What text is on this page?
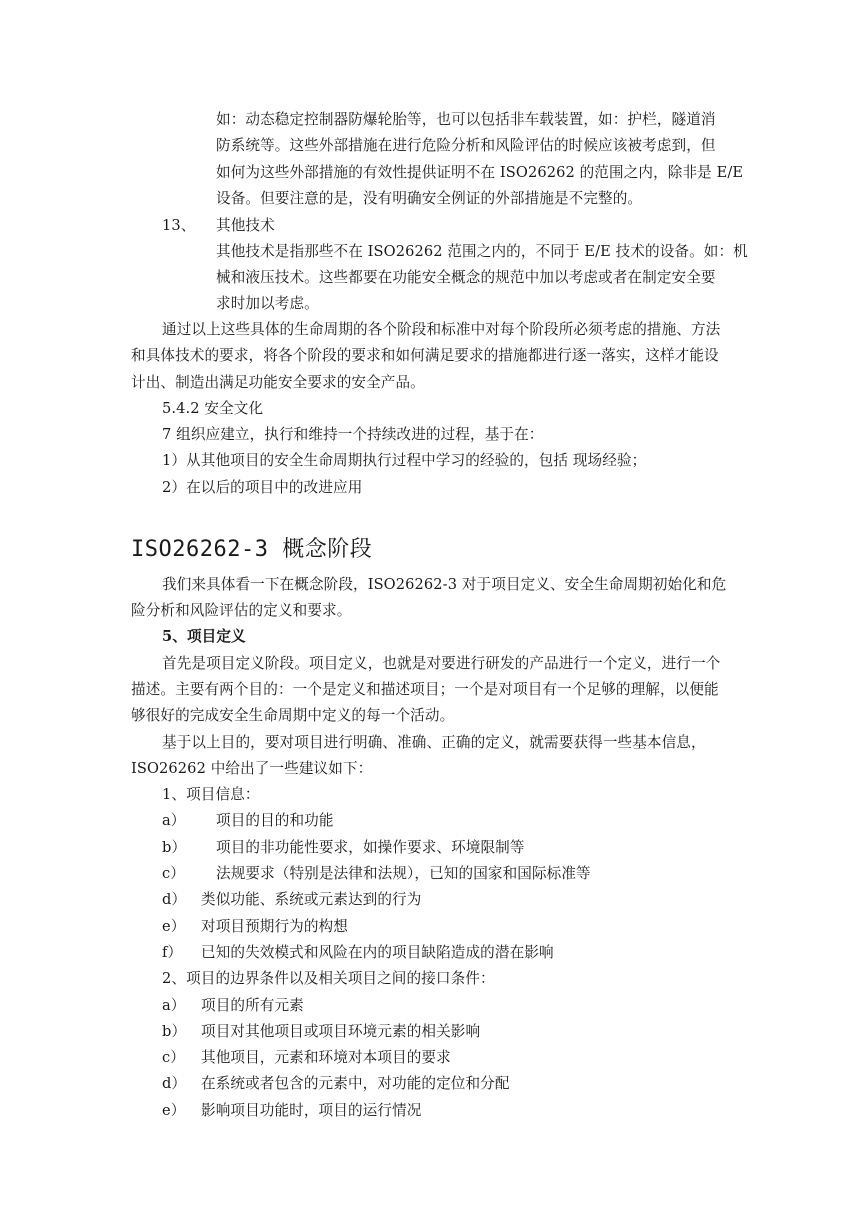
如：动态稳定控制器防爆轮胎等，也可以包括非车载装置，如：护栏，隧道消
防系统等。这些外部措施在进行危险分析和风险评估的时候应该被考虑到，但
如何为这些外部措施的有效性提供证明不在 ISO26262 的范围之内，除非是 E/E
设备。但要注意的是，没有明确安全例证的外部措施是不完整的。
13、 其他技术
其他技术是指那些不在 ISO26262 范围之内的，不同于 E/E 技术的设备。如：机
械和液压技术。这些都要在功能安全概念的规范中加以考虑或者在制定安全要
求时加以考虑。
通过以上这些具体的生命周期的各个阶段和标准中对每个阶段所必须考虑的措施、方法
和具体技术的要求，将各个阶段的要求和如何满足要求的措施都进行逐一落实，这样才能设
计出、制造出满足功能安全要求的安全产品。
5.4.2 安全文化
7 组织应建立，执行和维持一个持续改进的过程，基于在：
1）从其他项目的安全生命周期执行过程中学习的经验的，包括 现场经验；
2）在以后的项目中的改进应用
ISO26262-3 概念阶段
我们来具体看一下在概念阶段，ISO26262-3 对于项目定义、安全生命周期初始化和危
险分析和风险评估的定义和要求。
5、项目定义
首先是项目定义阶段。项目定义，也就是对要进行研发的产品进行一个定义，进行一个
描述。主要有两个目的：一个是定义和描述项目；一个是对项目有一个足够的理解，以便能
够很好的完成安全生命周期中定义的每一个活动。
基于以上目的，要对项目进行明确、准确、正确的定义，就需要获得一些基本信息，
ISO26262 中给出了一些建议如下：
1、项目信息：
a） 项目的目的和功能
b） 项目的非功能性要求，如操作要求、环境限制等
c） 法规要求（特别是法律和法规），已知的国家和国际标准等
d） 类似功能、系统或元素达到的行为
e） 对项目预期行为的构想
f） 已知的失效模式和风险在内的项目缺陷造成的潜在影响
2、项目的边界条件以及相关项目之间的接口条件：
a） 项目的所有元素
b） 项目对其他项目或项目环境元素的相关影响
c） 其他项目，元素和环境对本项目的要求
d） 在系统或者包含的元素中，对功能的定位和分配
e） 影响项目功能时，项目的运行情况
